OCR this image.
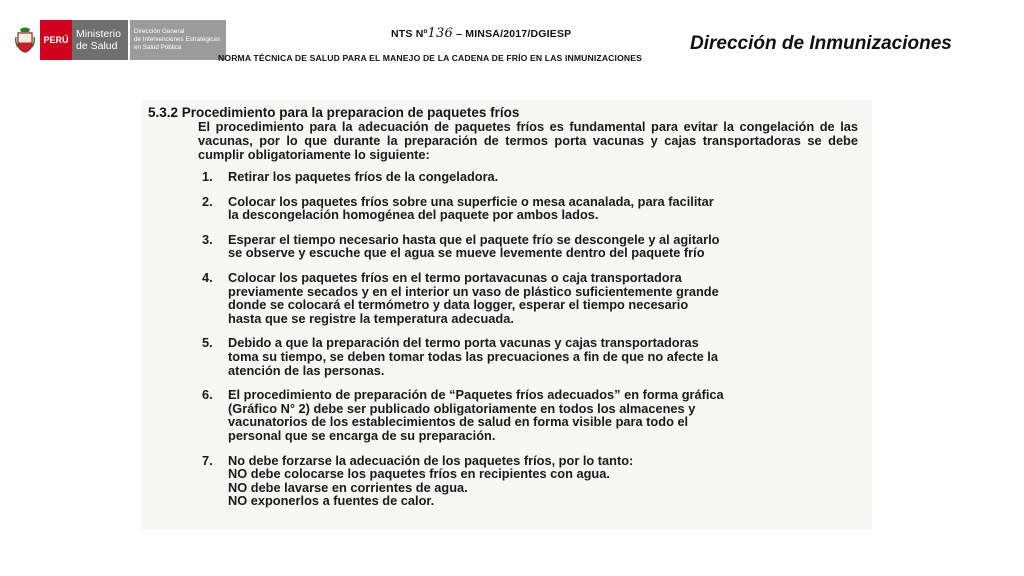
PERÚ Ministerio
de Salud
Dirección General
de Intervenciones Estratégicas
en Salud Pública
NTS Nº136 – MINSA/2017/DGIESP
NORMA TÉCNICA DE SALUD PARA EL MANEJO DE LA CADENA DE FRÍO EN LAS INMUNIZACIONES
Dirección de Inmunizaciones
5.3.2 Procedimiento para la preparacion de paquetes fríos
El procedimiento para la adecuación de paquetes fríos es fundamental para evitar la congelación de las vacunas, por lo que durante la preparación de termos porta vacunas y cajas transportadoras se debe cumplir obligatoriamente lo siguiente:
1.	Retirar los paquetes fríos de la congeladora.
2.	Colocar los paquetes fríos sobre una superficie o mesa acanalada, para facilitar
la descongelación homogénea del paquete por ambos lados.
3.	Esperar el tiempo necesario hasta que el paquete frío se descongele y al agitarlo
se observe y escuche que el agua se mueve levemente dentro del paquete frío
4.	Colocar los paquetes fríos en el termo portavacunas o caja transportadora
previamente secados y en el interior un vaso de plástico suficientemente grande
donde se colocará el termómetro y data logger, esperar el tiempo necesario
hasta que se registre la temperatura adecuada.
5.	Debido a que la preparación del termo porta vacunas y cajas transportadoras
toma su tiempo, se deben tomar todas las precuaciones a fin de que no afecte la
atención de las personas.
6.	El procedimiento de preparación de “Paquetes fríos adecuados” en forma gráfica
(Gráfico N° 2) debe ser publicado obligatoriamente en todos los almacenes y
vacunatorios de los establecimientos de salud en forma visible para todo el
personal que se encarga de su preparación.
7.	No debe forzarse la adecuación de los paquetes fríos, por lo tanto:
NO debe colocarse los paquetes fríos en recipientes con agua.
NO debe lavarse en corrientes de agua.
NO exponerlos a fuentes de calor.
